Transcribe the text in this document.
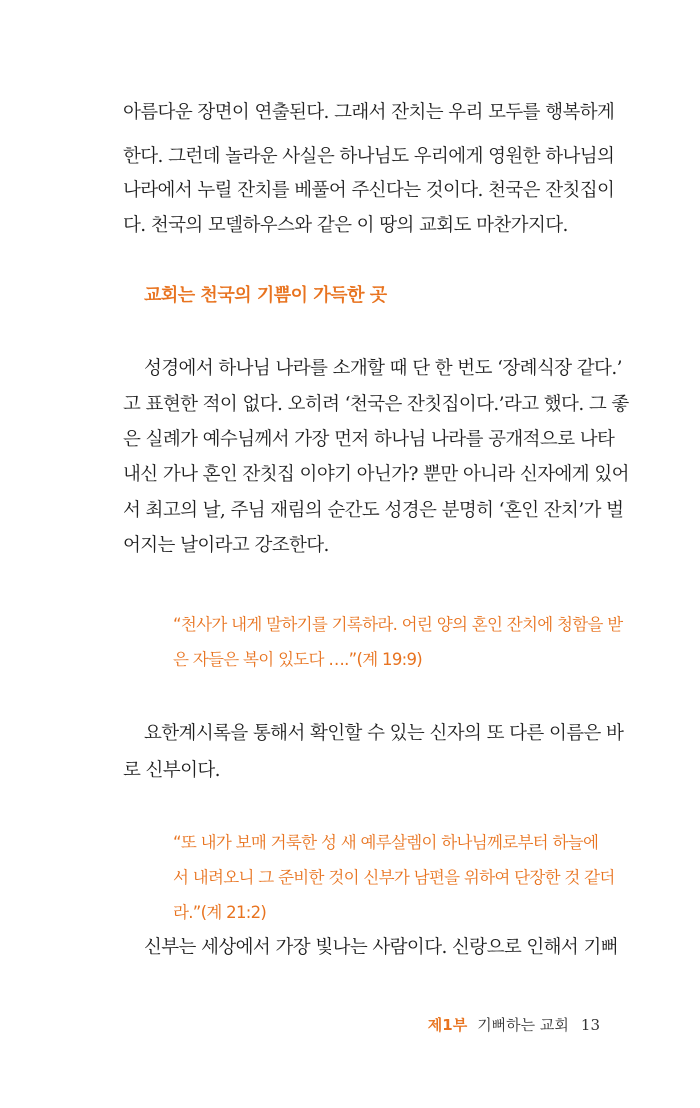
아름다운 장면이 연출된다. 그래서 잔치는 우리 모두를 행복하게
한다. 그런데 놀라운 사실은 하나님도 우리에게 영원한 하나님의
나라에서 누릴 잔치를 베풀어 주신다는 것이다. 천국은 잔칫집이
다. 천국의 모델하우스와 같은 이 땅의 교회도 마찬가지다.
교회는 천국의 기쁨이 가득한 곳
성경에서 하나님 나라를 소개할 때 단 한 번도 ‘장례식장 같다.’
고 표현한 적이 없다. 오히려 ‘천국은 잔칫집이다.’라고 했다. 그 좋
은 실례가 예수님께서 가장 먼저 하나님 나라를 공개적으로 나타
내신 가나 혼인 잔칫집 이야기 아닌가? 뿐만 아니라 신자에게 있어
서 최고의 날, 주님 재림의 순간도 성경은 분명히 ‘혼인 잔치’가 벌
어지는 날이라고 강조한다.
“천사가 내게 말하기를 기록하라. 어린 양의 혼인 잔치에 청함을 받
은 자들은 복이 있도다 ….”(계 19:9)
요한계시록을 통해서 확인할 수 있는 신자의 또 다른 이름은 바
로 신부이다.
“또 내가 보매 거룩한 성 새 예루살렘이 하나님께로부터 하늘에
서 내려오니 그 준비한 것이 신부가 남편을 위하여 단장한 것 같더
라.”(계 21:2)
신부는 세상에서 가장 빛나는 사람이다. 신랑으로 인해서 기뻐
제1부 기뻐하는 교회 13
